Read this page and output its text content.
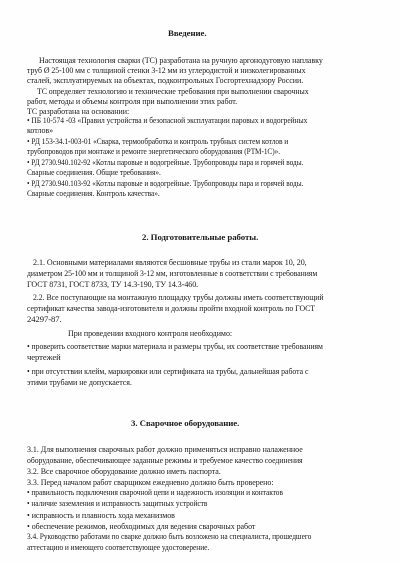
Введение.
Настоящая технология сварки (ТС) разработана на ручную аргонодуговую наплавку
труб Ø 25-100 мм с толщиной стенки 3-12 мм из углеродистой и низколегированных
сталей, эксплуатируемых на объектах, подконтрольных Госгортехнадзору России.
ТС определяет технологию и технические требования при выполнении сварочных
работ, методы и объемы контроля при выполнении этих работ.
ТС разработана на основании:
• ПБ 10-574 -03 «Правил устройства и безопасной эксплуатации паровых и водогрейных
котлов»
• РД 153-34.1-003-01 «Сварка, термообработка и контроль трубных систем котлов и
трубопроводов при монтаже и ремонте энергетического оборудования (РТМ-1С)».
• РД 2730.940.102-92 «Котлы паровые и водогрейные. Трубопроводы пара и горячей воды.
Сварные соединения. Общие требования».
• РД 2730.940.103-92 «Котлы паровые и водогрейные. Трубопроводы пара и горячей воды.
Сварные соединения. Контроль качества».
2. Подготовительные работы.
2.1. Основными материалами являются бесшовные трубы из стали марок 10, 20,
диаметром 25-100 мм и толщиной 3-12 мм, изготовленные в соответствии с требованиям
ГОСТ 8731, ГОСТ 8733, ТУ 14.3-190, ТУ 14.3-460.
2.2. Все поступающие на монтажную площадку трубы должны иметь соответствующий
сертификат качества завода-изготовителя и должны пройти входной контроль по ГОСТ
24297-87.
При проведении входного контроля необходимо:
• проверить соответствие марки материала и размеры трубы, их соответствие требованиям
чертежей
• при отсутствии клейм, маркировки или сертификата на трубы, дальнейшая работа с
этими трубами не допускается.
3. Сварочное оборудование.
3.1. Для выполнения сварочных работ должно применяться исправно налаженное
оборудование, обеспечивающее заданные режимы и требуемое качество соединения
3.2. Все сварочное оборудование должно иметь паспорта.
3.3. Перед началом работ сварщиком ежедневно должно быть проверено:
• правильность подключения сварочной цепи и надежность изоляции и контактов
• наличие заземления и исправность защитных устройств
• исправность и плавность хода механизмов
• обеспечение режимов, необходимых для ведения сварочных работ
3.4. Руководство работами по сварке должно быть возложено на специалиста, прошедшего
аттестацию и имеющего соответствующее удостоверение.
